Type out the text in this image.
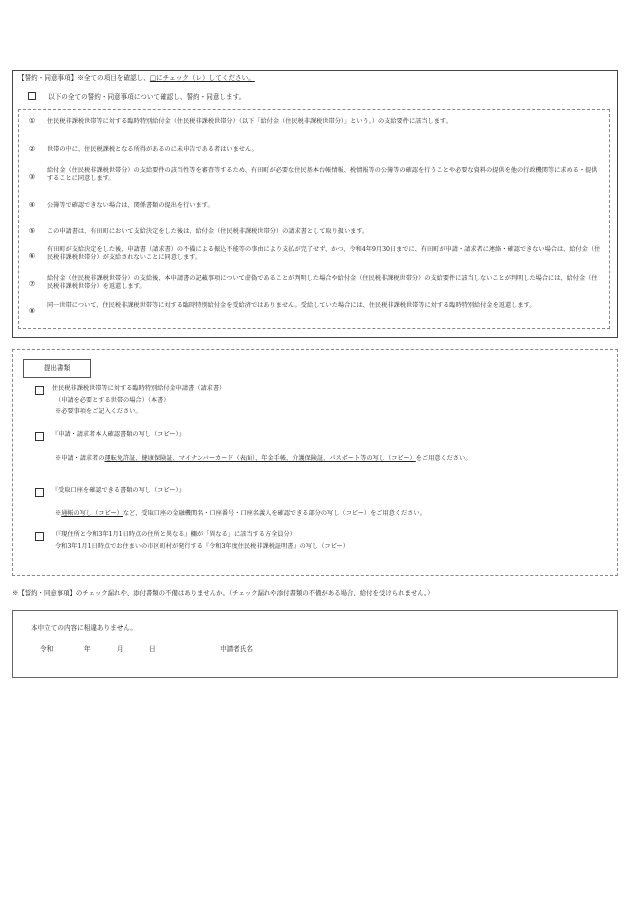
【誓約・同意事項】※全ての項目を確認し、□にチェック（レ）してください。
以下の全ての誓約・同意事項について確認し、誓約・同意します。
① 住民税非課税世帯等に対する臨時特別給付金（住民税非課税世帯分）（以下「給付金（住民税非課税世帯分）」という。）の支給要件に該当します。
② 世帯の中に、住民税課税となる所得があるのに未申告である者はいません。
③
給付金（住民税非課税世帯分）の支給要件の該当性等を審査等するため、有田町が必要な住民基本台帳情報、税情報等の公簿等の確認を行うことや必要な資料の提供を他の行政機関等に求める・提供することに同意します。
④ 公簿等で確認できない場合は、関係書類の提出を行います。
⑤ この申請書は、有田町において支給決定をした後は、給付金（住民税非課税世帯分）の請求書として取り扱います。
⑥
有田町が支給決定をした後、申請書（請求書）の不備による振込不能等の事由により支払が完了せず、かつ、令和4年9月30日までに、有田町が申請・請求者に連絡・確認できない場合は、給付金（住民税非課税世帯分）が支給されないことに同意します。
⑦
給付金（住民税非課税世帯分）の支給後、本申請書の記載事項について虚偽であることが判明した場合や給付金（住民税非課税世帯分）の支給要件に該当しないことが判明した場合には、給付金（住民税非課税世帯分）を返還します。
⑧
同一世帯について、住民税非課税世帯等に対する臨時特別給付金を受給済ではありません。受給していた場合には、住民税非課税世帯等に対する臨時特別給付金を返還します。
提出書類
住民税非課税世帯等に対する臨時特別給付金申請書（請求書）
（申請を必要とする世帯の場合）（本書）
※必要事項をご記入ください。
『申請・請求者本人確認書類の写し（コピー）』
※申請・請求者の運転免許証、健康保険証、マイナンバーカード（表面）、年金手帳、介護保険証、パスポート等の写し（コピー）をご用意ください。
『受取口座を確認できる書類の写し（コピー）』
※通帳の写し（コピー）など、受取口座の金融機関名・口座番号・口座名義人を確認できる部分の写し（コピー）をご用意ください。
（『現住所と令和3年1月1日時点の住所と異なる』欄が「異なる」に該当する方全員分）
令和3年1月1日時点でお住まいの市区町村が発行する『令和3年度住民税非課税証明書』の写し（コピー）
※【誓約・同意事項】のチェック漏れや、添付書類の不備はありませんか。（チェック漏れや添付書類の不備がある場合、給付を受けられません。）
本申立ての内容に相違ありません。
令和	年	月	日	申請者氏名
